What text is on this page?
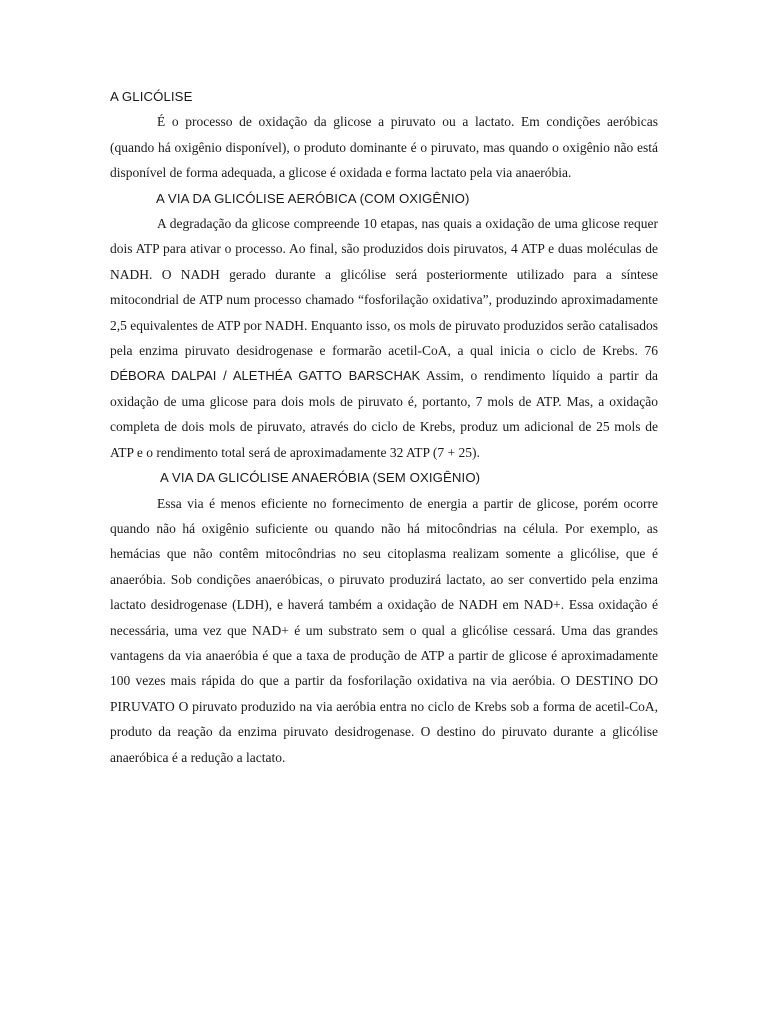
A GLICÓLISE

É o processo de oxidação da glicose a piruvato ou a lactato. Em condições aeróbicas (quando há oxigênio disponível), o produto dominante é o piruvato, mas quando o oxigênio não está disponível de forma adequada, a glicose é oxidada e forma lactato pela via anaeróbia.

A VIA DA GLICÓLISE AERÓBICA (COM OXIGÊNIO)

A degradação da glicose compreende 10 etapas, nas quais a oxidação de uma glicose requer dois ATP para ativar o processo. Ao final, são produzidos dois piruvatos, 4 ATP e duas moléculas de NADH. O NADH gerado durante a glicólise será posteriormente utilizado para a síntese mitocondrial de ATP num processo chamado “fosforilação oxidativa”, produzindo aproximadamente 2,5 equivalentes de ATP por NADH. Enquanto isso, os mols de piruvato produzidos serão catalisados pela enzima piruvato desidrogenase e formarão acetil-CoA, a qual inicia o ciclo de Krebs. 76 DÉBORA DALPAI / ALETHÉA GATTO BARSCHAK Assim, o rendimento líquido a partir da oxidação de uma glicose para dois mols de piruvato é, portanto, 7 mols de ATP. Mas, a oxidação completa de dois mols de piruvato, através do ciclo de Krebs, produz um adicional de 25 mols de ATP e o rendimento total será de aproximadamente 32 ATP (7 + 25).

A VIA DA GLICÓLISE ANAERÓBIA (SEM OXIGÊNIO)

Essa via é menos eficiente no fornecimento de energia a partir de glicose, porém ocorre quando não há oxigênio suficiente ou quando não há mitocôndrias na célula. Por exemplo, as hemácias que não contêm mitocôndrias no seu citoplasma realizam somente a glicólise, que é anaeróbia. Sob condições anaeróbicas, o piruvato produzirá lactato, ao ser convertido pela enzima lactato desidrogenase (LDH), e haverá também a oxidação de NADH em NAD+. Essa oxidação é necessária, uma vez que NAD+ é um substrato sem o qual a glicólise cessará. Uma das grandes vantagens da via anaeróbia é que a taxa de produção de ATP a partir de glicose é aproximadamente 100 vezes mais rápida do que a partir da fosforilação oxidativa na via aeróbia. O DESTINO DO PIRUVATO O piruvato produzido na via aeróbia entra no ciclo de Krebs sob a forma de acetil-CoA, produto da reação da enzima piruvato desidrogenase. O destino do piruvato durante a glicólise anaeróbica é a redução a lactato.
